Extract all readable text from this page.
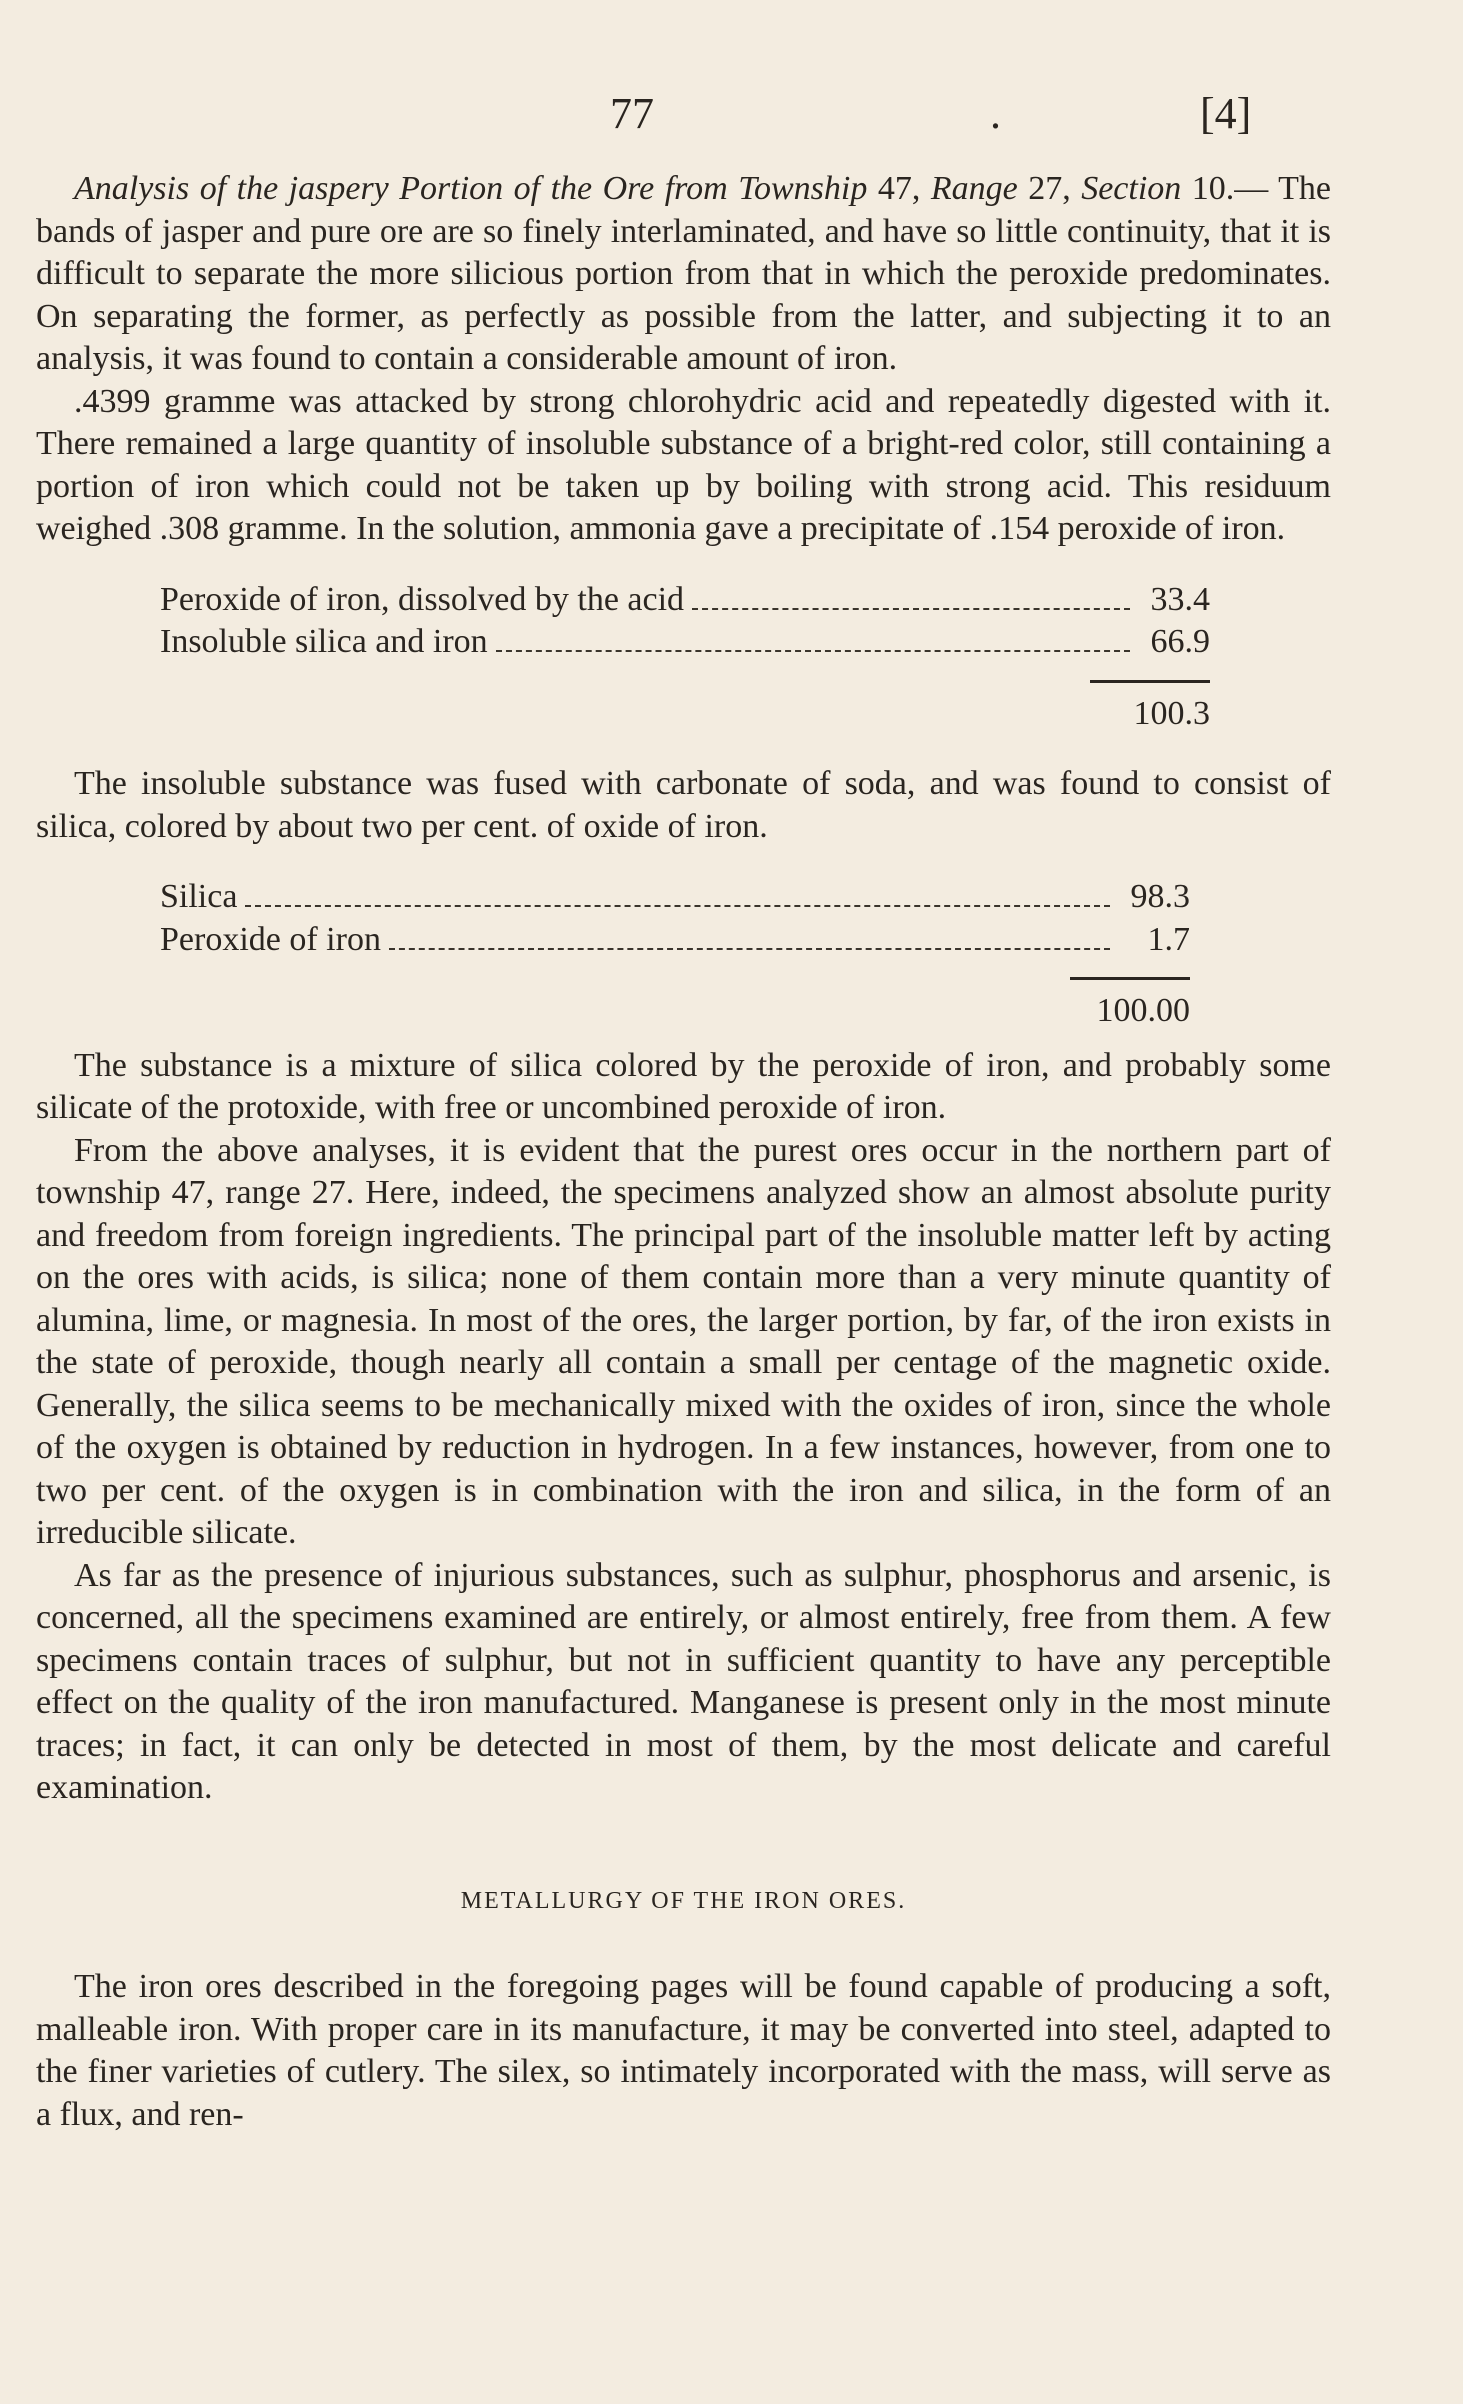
77	.	[4]

Analysis of the jaspery Portion of the Ore from Township 47, Range 27, Section 10.— The bands of jasper and pure ore are so finely interlaminated, and have so little continuity, that it is difficult to separate the more silicious portion from that in which the peroxide predominates. On separating the former, as perfectly as possible from the latter, and subjecting it to an analysis, it was found to contain a considerable amount of iron.

.4399 gramme was attacked by strong chlorohydric acid and repeatedly digested with it. There remained a large quantity of insoluble substance of a bright-red color, still containing a portion of iron which could not be taken up by boiling with strong acid. This residuum weighed .308 gramme. In the solution, ammonia gave a precipitate of .154 peroxide of iron.

Peroxide of iron, dissolved by the acid	33.4
Insoluble silica and iron	66.9
100.3

The insoluble substance was fused with carbonate of soda, and was found to consist of silica, colored by about two per cent. of oxide of iron.

Silica	98.3
Peroxide of iron	1.7
100.00

The substance is a mixture of silica colored by the peroxide of iron, and probably some silicate of the protoxide, with free or uncombined peroxide of iron.

From the above analyses, it is evident that the purest ores occur in the northern part of township 47, range 27. Here, indeed, the specimens analyzed show an almost absolute purity and freedom from foreign ingredients. The principal part of the insoluble matter left by acting on the ores with acids, is silica; none of them contain more than a very minute quantity of alumina, lime, or magnesia. In most of the ores, the larger portion, by far, of the iron exists in the state of peroxide, though nearly all contain a small per centage of the magnetic oxide. Generally, the silica seems to be mechanically mixed with the oxides of iron, since the whole of the oxygen is obtained by reduction in hydrogen. In a few instances, however, from one to two per cent. of the oxygen is in combination with the iron and silica, in the form of an irreducible silicate.

As far as the presence of injurious substances, such as sulphur, phosphorus and arsenic, is concerned, all the specimens examined are entirely, or almost entirely, free from them. A few specimens contain traces of sulphur, but not in sufficient quantity to have any perceptible effect on the quality of the iron manufactured. Manganese is present only in the most minute traces; in fact, it can only be detected in most of them, by the most delicate and careful examination.

METALLURGY OF THE IRON ORES.

The iron ores described in the foregoing pages will be found capable of producing a soft, malleable iron. With proper care in its manufacture, it may be converted into steel, adapted to the finer varieties of cutlery. The silex, so intimately incorporated with the mass, will serve as a flux, and ren-
